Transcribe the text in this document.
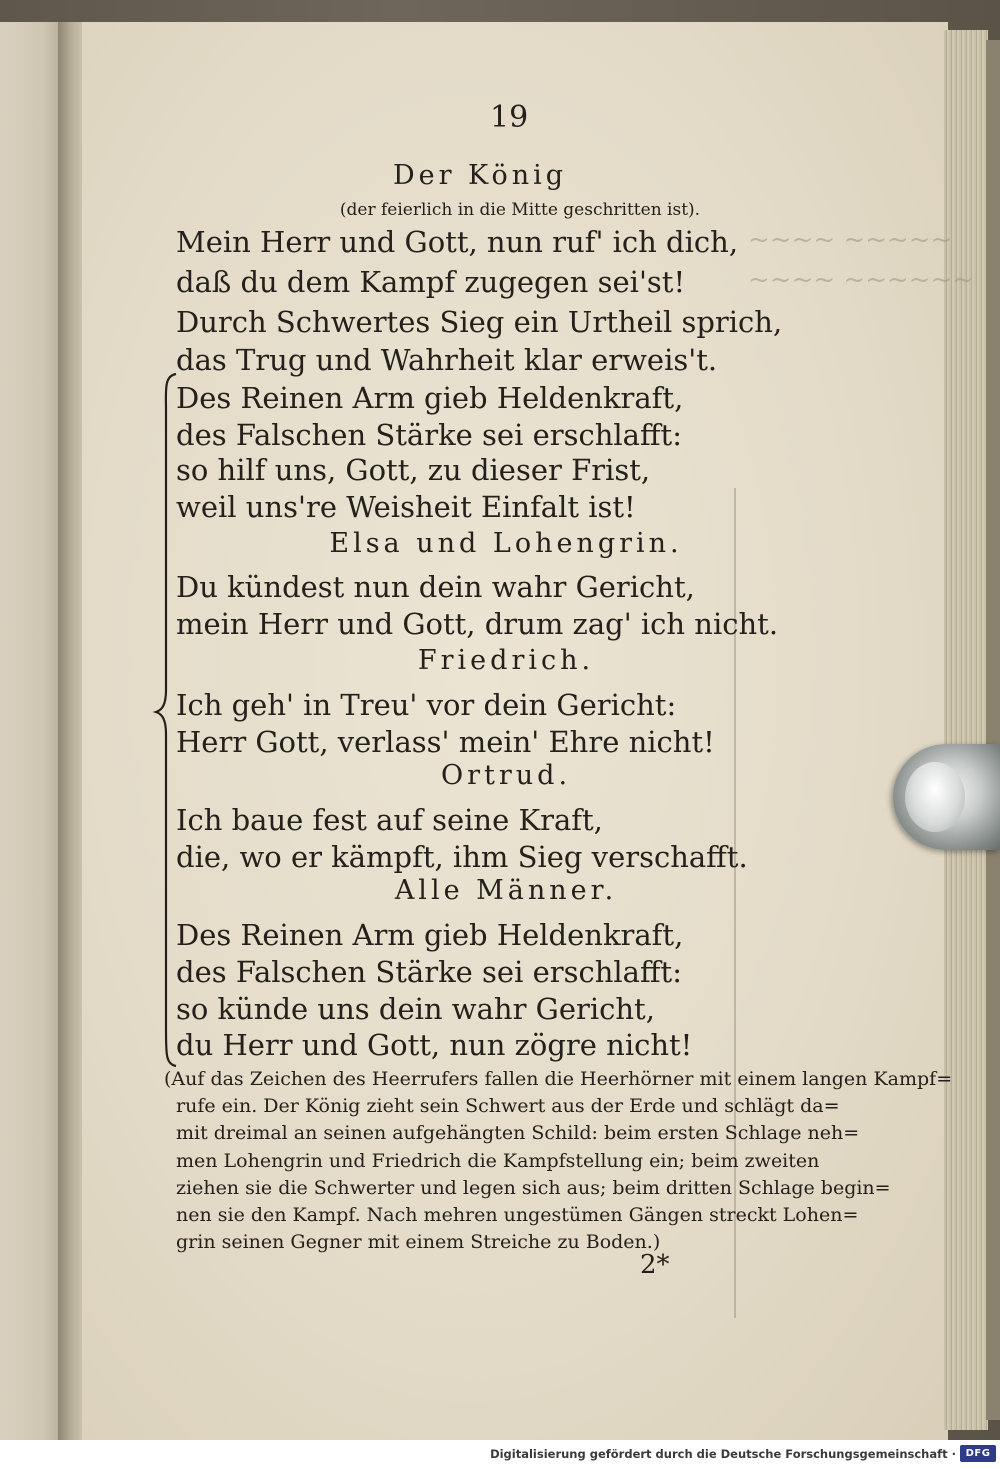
~~~~ ~~~~~
~~~~ ~~~~~~
19
Der König
(der feierlich in die Mitte geschritten ist).
Mein Herr und Gott, nun ruf' ich dich,
daß du dem Kampf zugegen sei'st!
Durch Schwertes Sieg ein Urtheil sprich,
das Trug und Wahrheit klar erweis't.
Des Reinen Arm gieb Heldenkraft,
des Falschen Stärke sei erschlafft:
so hilf uns, Gott, zu dieser Frist,
weil uns're Weisheit Einfalt ist!
Elsa und Lohengrin.
Du kündest nun dein wahr Gericht,
mein Herr und Gott, drum zag' ich nicht.
Friedrich.
Ich geh' in Treu' vor dein Gericht:
Herr Gott, verlass' mein' Ehre nicht!
Ortrud.
Ich baue fest auf seine Kraft,
die, wo er kämpft, ihm Sieg verschafft.
Alle Männer.
Des Reinen Arm gieb Heldenkraft,
des Falschen Stärke sei erschlafft:
so künde uns dein wahr Gericht,
du Herr und Gott, nun zögre nicht!
(Auf das Zeichen des Heerrufers fallen die Heerhörner mit einem langen Kampf=
rufe ein. Der König zieht sein Schwert aus der Erde und schlägt da=
mit dreimal an seinen aufgehängten Schild: beim ersten Schlage neh=
men Lohengrin und Friedrich die Kampfstellung ein; beim zweiten
ziehen sie die Schwerter und legen sich aus; beim dritten Schlage begin=
nen sie den Kampf. Nach mehren ungestümen Gängen streckt Lohen=
grin seinen Gegner mit einem Streiche zu Boden.)
2*
Digitalisierung gefördert durch die Deutsche Forschungsgemeinschaft · DFG
